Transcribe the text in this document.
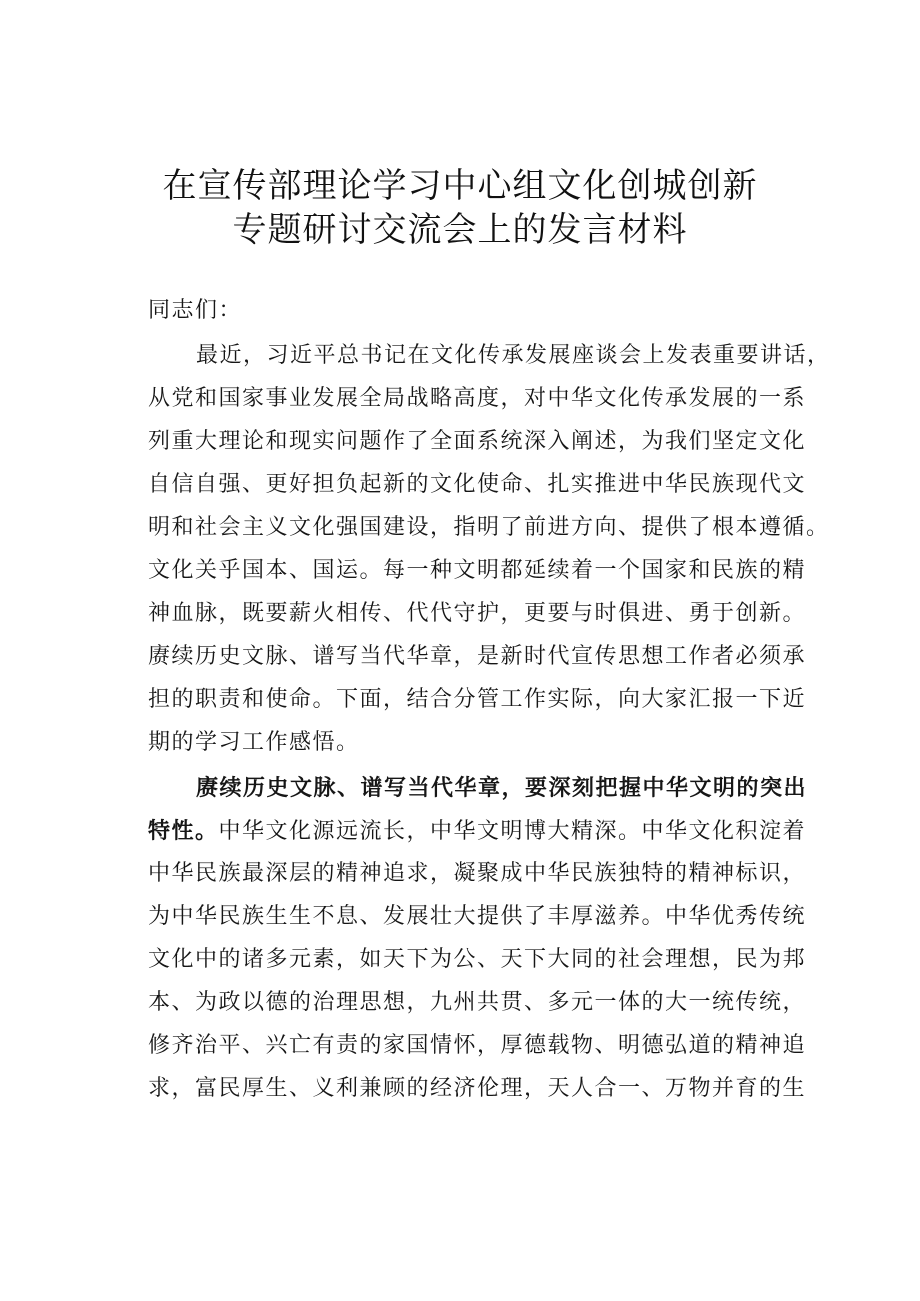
在宣传部理论学习中心组文化创城创新
专题研讨交流会上的发言材料
同志们：
最近，习近平总书记在文化传承发展座谈会上发表重要讲话，
从党和国家事业发展全局战略高度，对中华文化传承发展的一系
列重大理论和现实问题作了全面系统深入阐述，为我们坚定文化
自信自强、更好担负起新的文化使命、扎实推进中华民族现代文
明和社会主义文化强国建设，指明了前进方向、提供了根本遵循。
文化关乎国本、国运。每一种文明都延续着一个国家和民族的精
神血脉，既要薪火相传、代代守护，更要与时俱进、勇于创新。
赓续历史文脉、谱写当代华章，是新时代宣传思想工作者必须承
担的职责和使命。下面，结合分管工作实际，向大家汇报一下近
期的学习工作感悟。
赓续历史文脉、谱写当代华章，要深刻把握中华文明的突出
特性。中华文化源远流长，中华文明博大精深。中华文化积淀着
中华民族最深层的精神追求，凝聚成中华民族独特的精神标识，
为中华民族生生不息、发展壮大提供了丰厚滋养。中华优秀传统
文化中的诸多元素，如天下为公、天下大同的社会理想，民为邦
本、为政以德的治理思想，九州共贯、多元一体的大一统传统，
修齐治平、兴亡有责的家国情怀，厚德载物、明德弘道的精神追
求，富民厚生、义利兼顾的经济伦理，天人合一、万物并育的生
